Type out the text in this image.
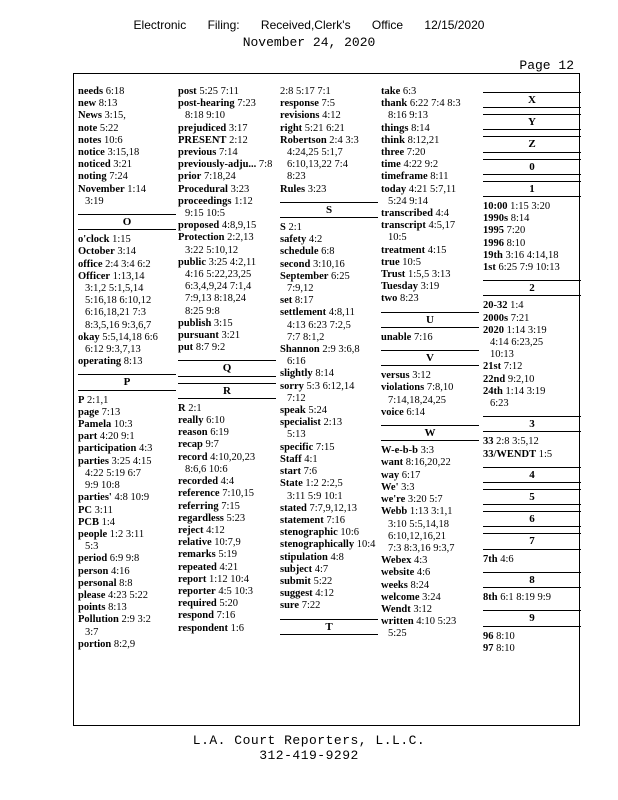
Electronic Filing: Received,Clerk's Office 12/15/2020
November 24, 2020
Page 12
needs 6:18
new 8:13
News 3:15,
note 5:22
notes 10:6
notice 3:15,18
noticed 3:21
noting 7:24
November 1:14
3:19
O
o'clock 1:15
October 3:14
office 2:4 3:4 6:2
Officer 1:13,14
3:1,2 5:1,5,14
5:16,18 6:10,12
6:16,18,21 7:3
8:3,5,16 9:3,6,7
okay 5:5,14,18 6:6
6:12 9:3,7,13
operating 8:13
P
P 2:1,1
page 7:13
Pamela 10:3
part 4:20 9:1
participation 4:3
parties 3:25 4:15
4:22 5:19 6:7
9:9 10:8
parties' 4:8 10:9
PC 3:11
PCB 1:4
people 1:2 3:11
5:3
period 6:9 9:8
person 4:16
personal 8:8
please 4:23 5:22
points 8:13
Pollution 2:9 3:2
3:7
portion 8:2,9
post 5:25 7:11
post-hearing 7:23
8:18 9:10
prejudiced 3:17
PRESENT 2:12
previous 7:14
previously-adju... 7:8
prior 7:18,24
Procedural 3:23
proceedings 1:12
9:15 10:5
proposed 4:8,9,15
Protection 2:2,13
3:22 5:10,12
public 3:25 4:2,11
4:16 5:22,23,25
6:3,4,9,24 7:1,4
7:9,13 8:18,24
8:25 9:8
publish 3:15
pursuant 3:21
put 8:7 9:2
Q
R
R 2:1
really 6:10
reason 6:19
recap 9:7
record 4:10,20,23
8:6,6 10:6
recorded 4:4
reference 7:10,15
referring 7:15
regardless 5:23
reject 4:12
relative 10:7,9
remarks 5:19
repeated 4:21
report 1:12 10:4
reporter 4:5 10:3
required 5:20
respond 7:16
respondent 1:6
2:8 5:17 7:1
response 7:5
revisions 4:12
right 5:21 6:21
Robertson 2:4 3:3
4:24,25 5:1,7
6:10,13,22 7:4
8:23
Rules 3:23
S
S 2:1
safety 4:2
schedule 6:8
second 3:10,16
September 6:25
7:9,12
set 8:17
settlement 4:8,11
4:13 6:23 7:2,5
7:7 8:1,2
Shannon 2:9 3:6,8
6:16
slightly 8:14
sorry 5:3 6:12,14
7:12
speak 5:24
specialist 2:13
5:13
specific 7:15
Staff 4:1
start 7:6
State 1:2 2:2,5
3:11 5:9 10:1
stated 7:7,9,12,13
statement 7:16
stenographic 10:6
stenographically 10:4
stipulation 4:8
subject 4:7
submit 5:22
suggest 4:12
sure 7:22
T
take 6:3
thank 6:22 7:4 8:3
8:16 9:13
things 8:14
think 8:12,21
three 7:20
time 4:22 9:2
timeframe 8:11
today 4:21 5:7,11
5:24 9:14
transcribed 4:4
transcript 4:5,17
10:5
treatment 4:15
true 10:5
Trust 1:5,5 3:13
Tuesday 3:19
two 8:23
U
unable 7:16
V
versus 3:12
violations 7:8,10
7:14,18,24,25
voice 6:14
W
W-e-b-b 3:3
want 8:16,20,22
way 6:17
We' 3:3
we're 3:20 5:7
Webb 1:13 3:1,1
3:10 5:5,14,18
6:10,12,16,21
7:3 8:3,16 9:3,7
Webex 4:3
website 4:6
weeks 8:24
welcome 3:24
Wendt 3:12
written 4:10 5:23
5:25
X
Y
Z
0
1
10:00 1:15 3:20
1990s 8:14
1995 7:20
1996 8:10
19th 3:16 4:14,18
1st 6:25 7:9 10:13
2
20-32 1:4
2000s 7:21
2020 1:14 3:19
4:14 6:23,25
10:13
21st 7:12
22nd 9:2,10
24th 1:14 3:19
6:23
3
33 2:8 3:5,12
33/WENDT 1:5
4
5
6
7
7th 4:6
8
8th 6:1 8:19 9:9
9
96 8:10
97 8:10
L.A. Court Reporters, L.L.C.
312-419-9292
